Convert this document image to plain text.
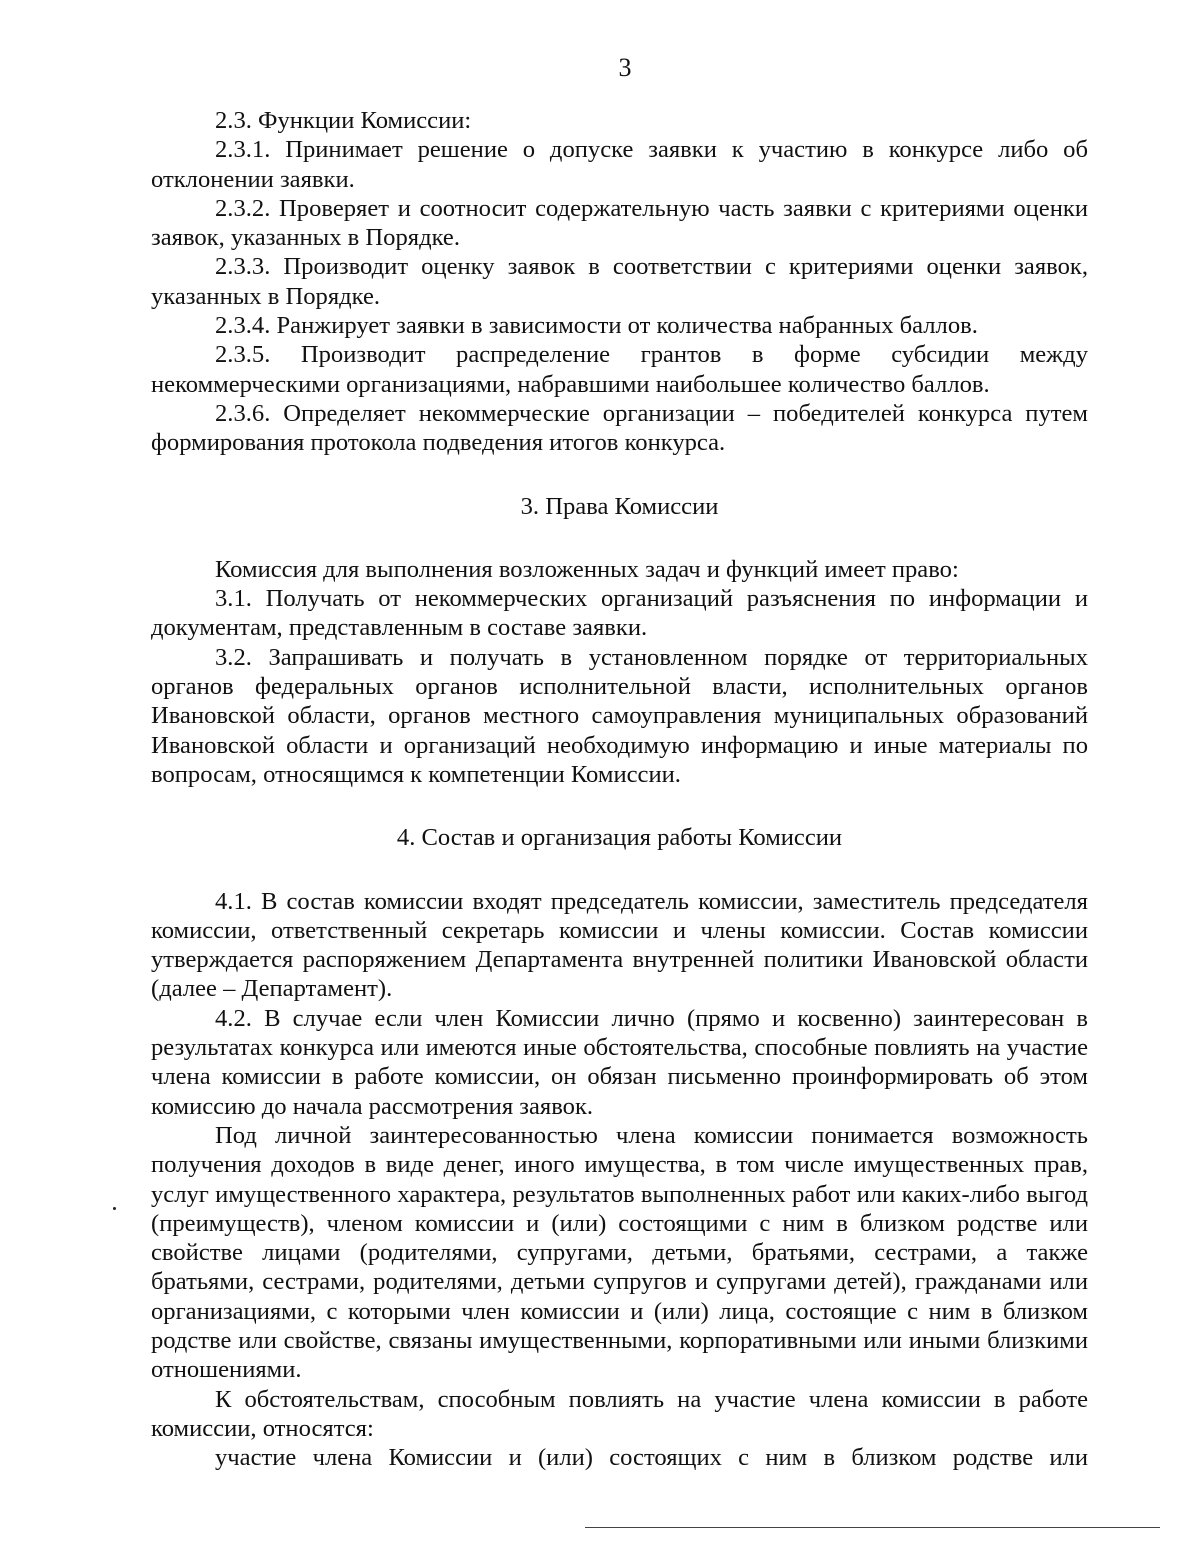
3

2.3. Функции Комиссии:

2.3.1. Принимает решение о допуске заявки к участию в конкурсе либо об отклонении заявки.

2.3.2. Проверяет и соотносит содержательную часть заявки с критериями оценки заявок, указанных в Порядке.

2.3.3. Производит оценку заявок в соответствии с критериями оценки заявок, указанных в Порядке.

2.3.4. Ранжирует заявки в зависимости от количества набранных баллов.

2.3.5. Производит распределение грантов в форме субсидии между некоммерческими организациями, набравшими наибольшее количество баллов.

2.3.6. Определяет некоммерческие организации – победителей конкурса путем формирования протокола подведения итогов конкурса.

3. Права Комиссии

Комиссия для выполнения возложенных задач и функций имеет право:

3.1. Получать от некоммерческих организаций разъяснения по информации и документам, представленным в составе заявки.

3.2. Запрашивать и получать в установленном порядке от территориальных органов федеральных органов исполнительной власти, исполнительных органов Ивановской области, органов местного самоуправления муниципальных образований Ивановской области и организаций необходимую информацию и иные материалы по вопросам, относящимся к компетенции Комиссии.

4. Состав и организация работы Комиссии

4.1. В состав комиссии входят председатель комиссии, заместитель председателя комиссии, ответственный секретарь комиссии и члены комиссии. Состав комиссии утверждается распоряжением Департамента внутренней политики Ивановской области (далее – Департамент).

4.2. В случае если член Комиссии лично (прямо и косвенно) заинтересован в результатах конкурса или имеются иные обстоятельства, способные повлиять на участие члена комиссии в работе комиссии, он обязан письменно проинформировать об этом комиссию до начала рассмотрения заявок.

Под личной заинтересованностью члена комиссии понимается возможность получения доходов в виде денег, иного имущества, в том числе имущественных прав, услуг имущественного характера, результатов выполненных работ или каких-либо выгод (преимуществ), членом комиссии и (или) состоящими с ним в близком родстве или свойстве лицами (родителями, супругами, детьми, братьями, сестрами, а также братьями, сестрами, родителями, детьми супругов и супругами детей), гражданами или организациями, с которыми член комиссии и (или) лица, состоящие с ним в близком родстве или свойстве, связаны имущественными, корпоративными или иными близкими отношениями.

К обстоятельствам, способным повлиять на участие члена комиссии в работе комиссии, относятся:

участие члена Комиссии и (или) состоящих с ним в близком родстве или
